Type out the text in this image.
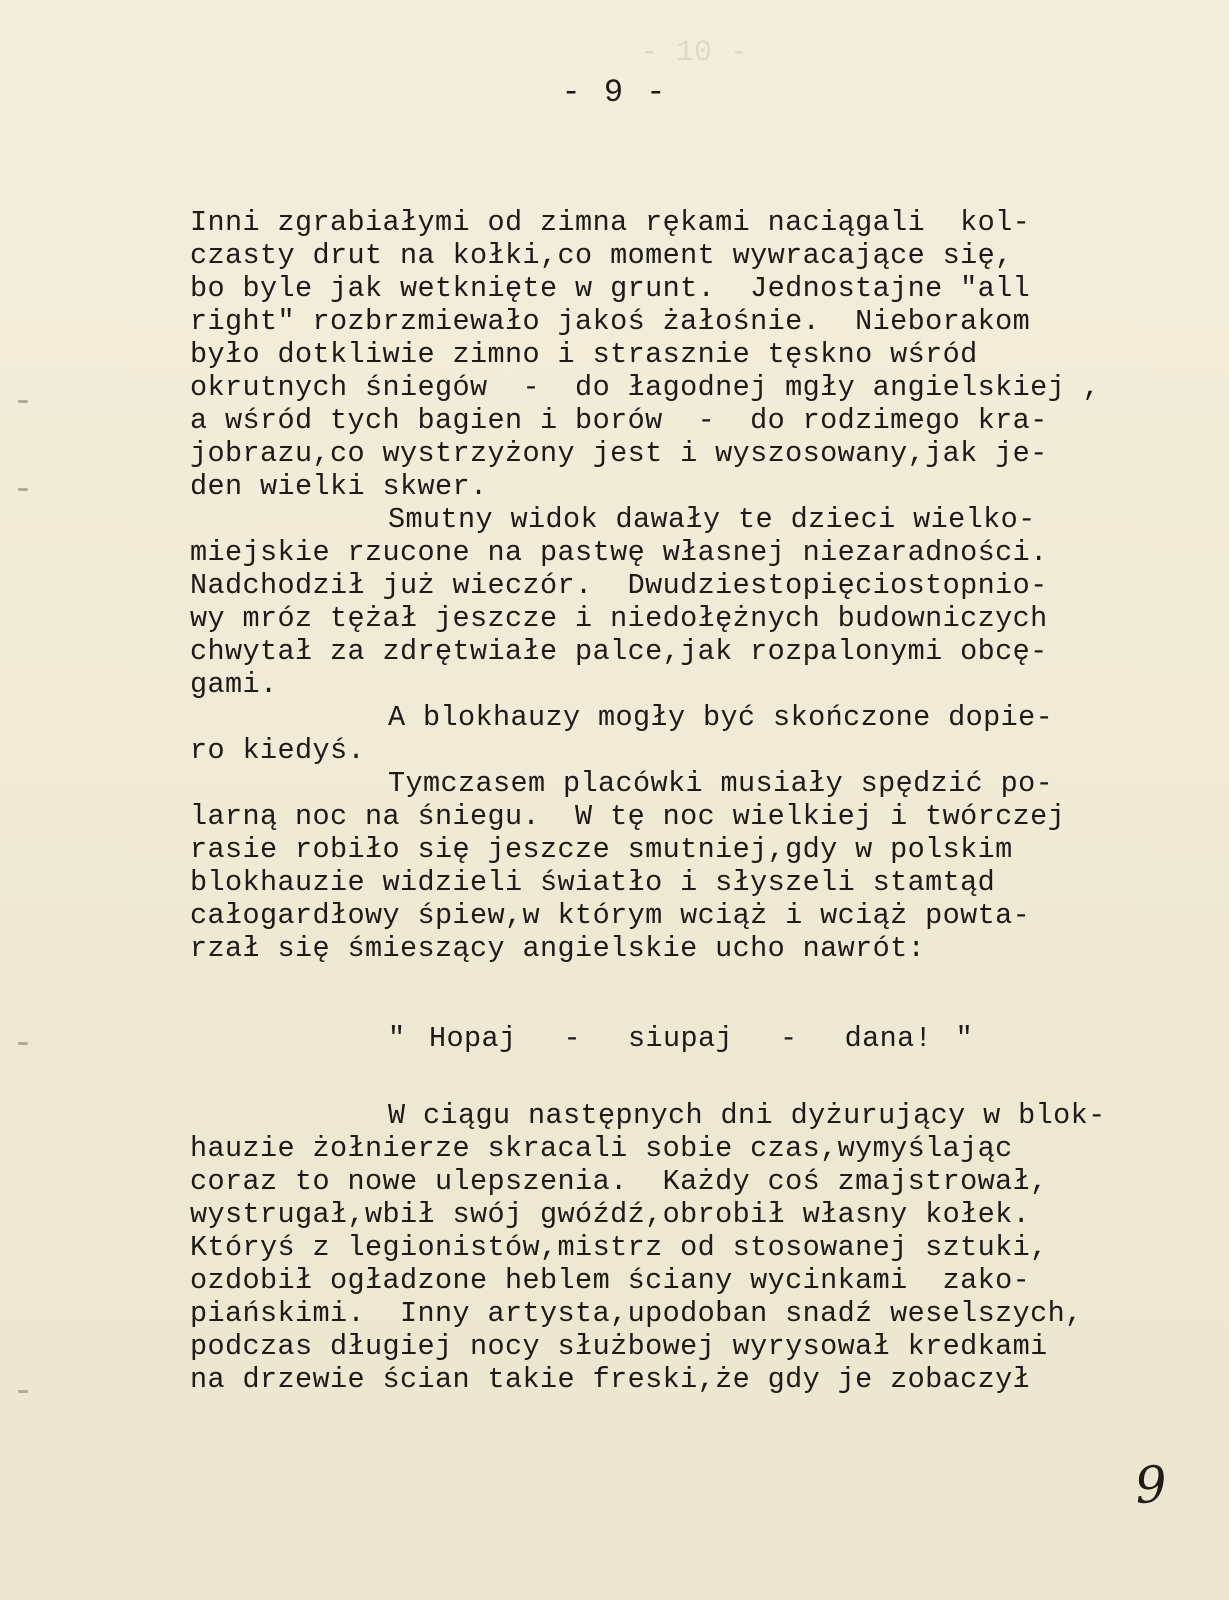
- 10 -
- 9 -
Inni zgrabiałymi od zimna rękami naciągali  kol-
czasty drut na kołki,co moment wywracające się,
bo byle jak wetknięte w grunt.  Jednostajne "all
right" rozbrzmiewało jakoś żałośnie.  Nieborakom
było dotkliwie zimno i strasznie tęskno wśród
okrutnych śniegów  -  do łagodnej mgły angielskiej ,
a wśród tych bagien i borów  -  do rodzimego kra-
jobrazu,co wystrzyżony jest i wyszosowany,jak je-
den wielki skwer.
Smutny widok dawały te dzieci wielko-
miejskie rzucone na pastwę własnej niezaradności.
Nadchodził już wieczór.  Dwudziestopięciostopnio-
wy mróz tężał jeszcze i niedołężnych budowniczych
chwytał za zdrętwiałe palce,jak rozpalonymi obcę-
gami.
A blokhauzy mogły być skończone dopie-
ro kiedyś.
Tymczasem placówki musiały spędzić po-
larną noc na śniegu.  W tę noc wielkiej i twórczej
rasie robiło się jeszcze smutniej,gdy w polskim
blokhauzie widzieli światło i słyszeli stamtąd
całogardłowy śpiew,w którym wciąż i wciąż powta-
rzał się śmieszący angielskie ucho nawrót:
" Hopaj  -  siupaj  -  dana! "
W ciągu następnych dni dyżurujący w blok-
hauzie żołnierze skracali sobie czas,wymyślając
coraz to nowe ulepszenia.  Każdy coś zmajstrował,
wystrugał,wbił swój gwóźdź,obrobił własny kołek.
Któryś z legionistów,mistrz od stosowanej sztuki,
ozdobił ogładzone heblem ściany wycinkami  zako-
piańskimi.  Inny artysta,upodoban snadź weselszych,
podczas długiej nocy służbowej wyrysował kredkami
na drzewie ścian takie freski,że gdy je zobaczył
9
